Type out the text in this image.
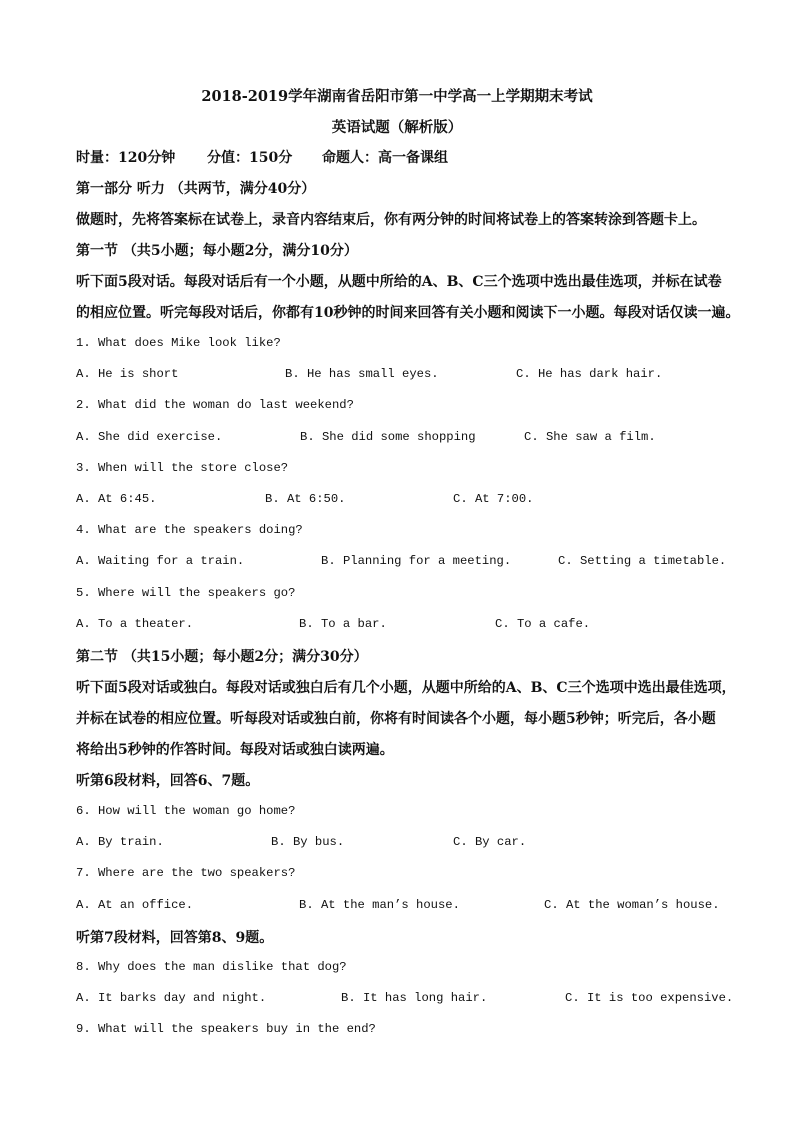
2018-2019学年湖南省岳阳市第一中学高一上学期期末考试
英语试题（解析版）
时量：120分钟 分值：150分 命题人：高一备课组
第一部分 听力 （共两节，满分40分）
做题时，先将答案标在试卷上，录音内容结束后，你有两分钟的时间将试卷上的答案转涂到答题卡上。
第一节 （共5小题；每小题2分，满分10分）
听下面5段对话。每段对话后有一个小题，从题中所给的A、B、C三个选项中选出最佳选项，并标在试卷
的相应位置。听完每段对话后，你都有10秒钟的时间来回答有关小题和阅读下一小题。每段对话仅读一遍。
1. What does Mike look like?
A. He is short	B. He has small eyes.	C. He has dark hair.
2. What did the woman do last weekend?
A. She did exercise.	B. She did some shopping	C. She saw a film.
3. When will the store close?
A. At 6:45.	B. At 6:50.	C. At 7:00.
4. What are the speakers doing?
A. Waiting for a train.	B. Planning for a meeting.	C. Setting a timetable.
5. Where will the speakers go?
A. To a theater.	B. To a bar.	C. To a cafe.
第二节 （共15小题；每小题2分；满分30分）
听下面5段对话或独白。每段对话或独白后有几个小题，从题中所给的A、B、C三个选项中选出最佳选项，
并标在试卷的相应位置。听每段对话或独白前，你将有时间读各个小题，每小题5秒钟；听完后，各小题
将给出5秒钟的作答时间。每段对话或独白读两遍。
听第6段材料，回答6、7题。
6. How will the woman go home?
A. By train.	B. By bus.	C. By car.
7. Where are the two speakers?
A. At an office.	B. At the man’s house.	C. At the woman’s house.
听第7段材料，回答第8、9题。
8. Why does the man dislike that dog?
A. It barks day and night.	B. It has long hair.	C. It is too expensive.
9. What will the speakers buy in the end?
